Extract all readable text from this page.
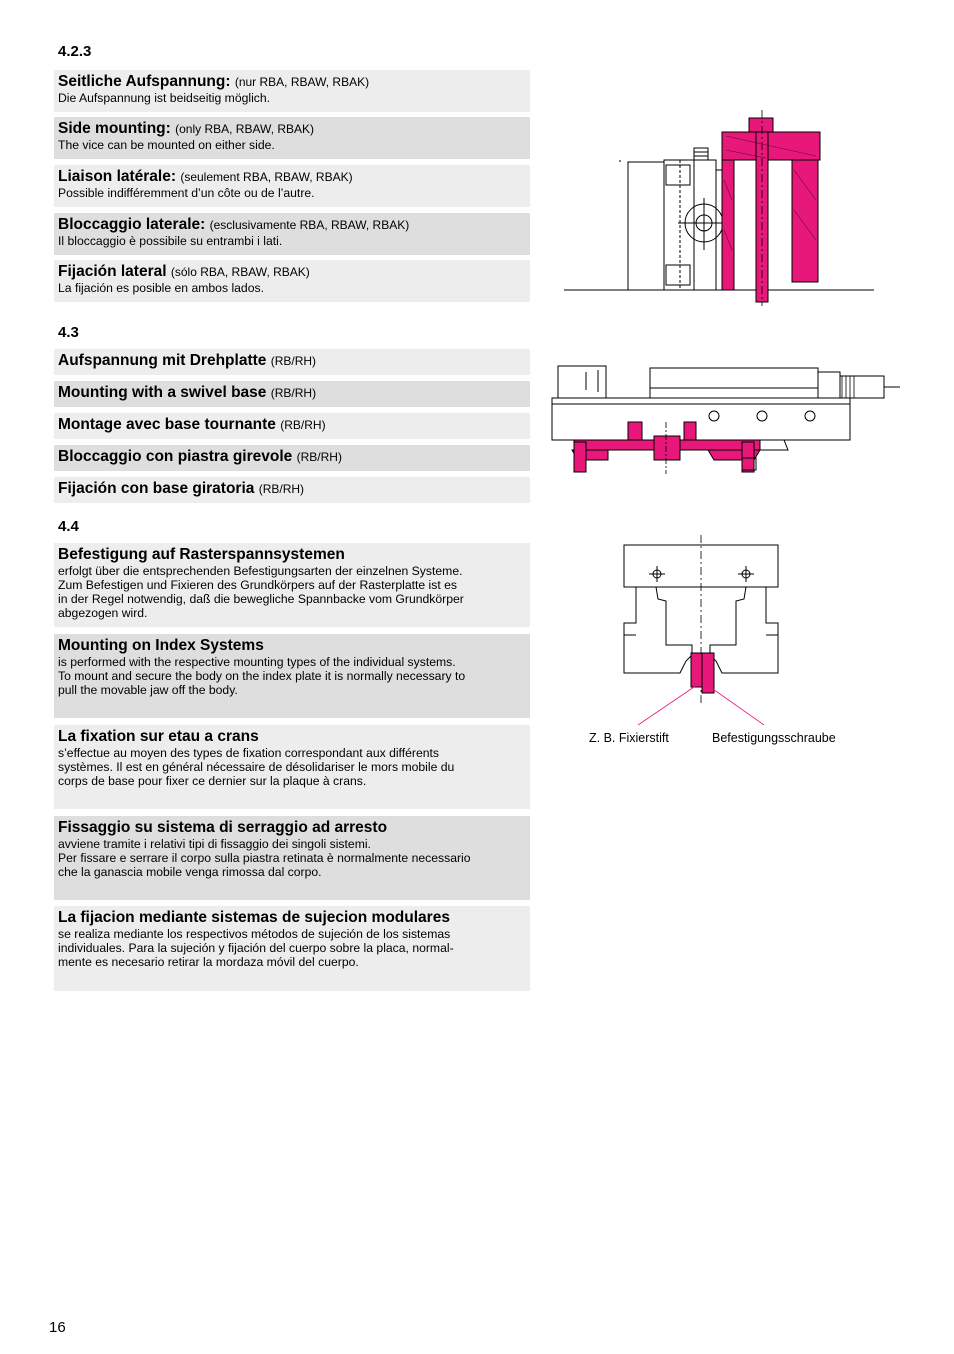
4.2.3
Seitliche Aufspannung: (nur RBA, RBAW, RBAK)
Die Aufspannung ist beidseitig möglich.
Side mounting: (only RBA, RBAW, RBAK)
The vice can be mounted on either side.
Liaison latérale: (seulement RBA, RBAW, RBAK)
Possible indifféremment d’un côte ou de l’autre.
Bloccaggio laterale: (esclusivamente RBA, RBAW, RBAK)
Il bloccaggio è possibile su entrambi i lati.
Fijación lateral (sólo RBA, RBAW, RBAK)
La fijación es posible en ambos lados.
4.3
Aufspannung mit Drehplatte (RB/RH)
Mounting with a swivel base (RB/RH)
Montage avec base tournante (RB/RH)
Bloccaggio con piastra girevole (RB/RH)
Fijación con base giratoria (RB/RH)
4.4
Befestigung auf Rasterspannsystemen
erfolgt über die entsprechenden Befestigungsarten der einzelnen Systeme.
Zum Befestigen und Fixieren des Grundkörpers auf der Rasterplatte ist es
in der Regel notwendig, daß die bewegliche Spannbacke vom Grundkörper
abgezogen wird.
Mounting on Index Systems
is performed with the respective mounting types of the individual systems.
To mount and secure the body on the index plate it is normally necessary to
pull the movable jaw off the body.
La fixation sur etau a crans
s’effectue au moyen des types de fixation correspondant aux différents
systèmes. Il est en général nécessaire de désolidariser le mors mobile du
corps de base pour fixer ce dernier sur la plaque à crans.
Fissaggio su sistema di serraggio ad arresto
avviene tramite i relativi tipi di fissaggio dei singoli sistemi.
Per fissare e serrare il corpo sulla piastra retinata è normalmente necessario
che la ganascia mobile venga rimossa dal corpo.
La fijacion mediante sistemas de sujecion modulares
se realiza mediante los respectivos métodos de sujeción de los sistemas
individuales. Para la sujeción y fijación del cuerpo sobre la placa, normal-
mente es necesario retirar la mordaza móvil del cuerpo.
Z. B. Fixierstift	Befestigungsschraube
16
